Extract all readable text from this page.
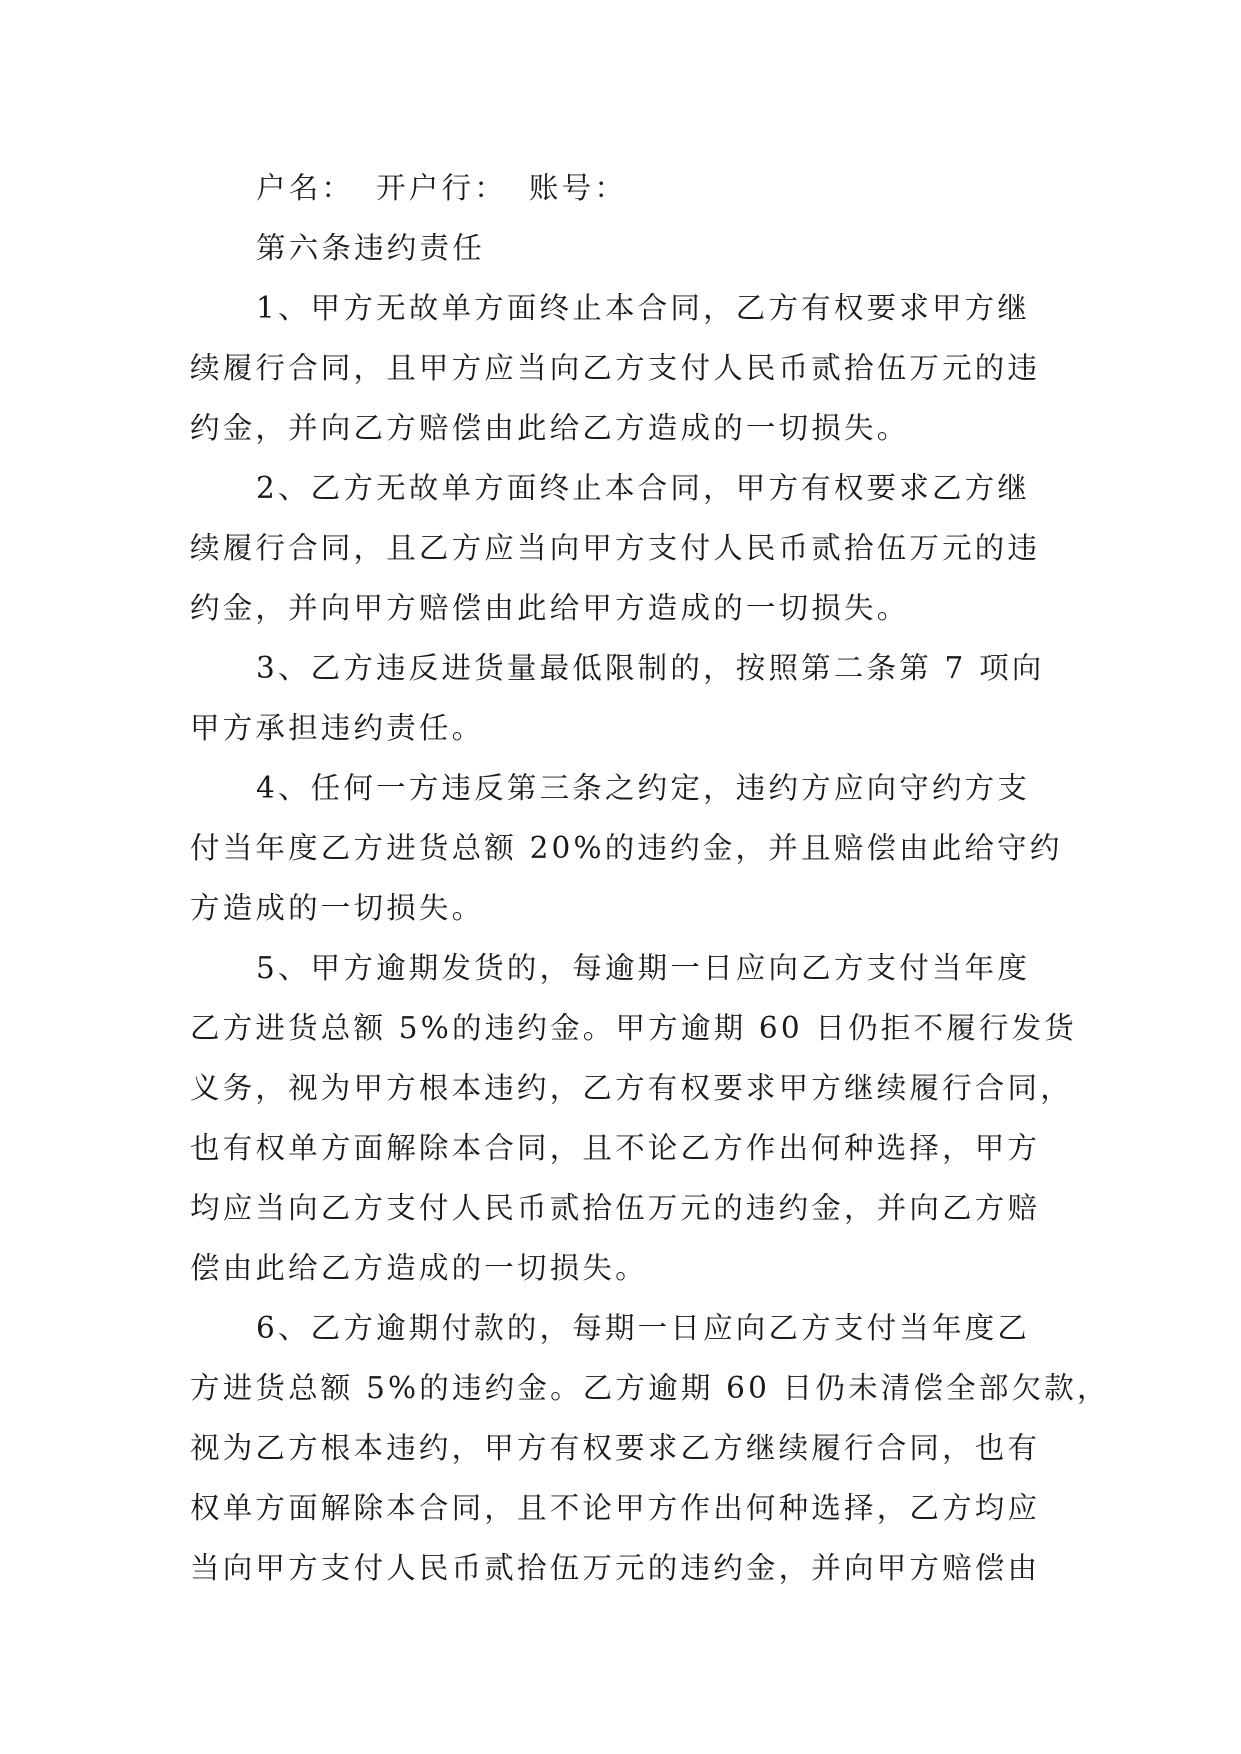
户名： 开户行： 账号：
第六条违约责任
1、甲方无故单方面终止本合同，乙方有权要求甲方继
续履行合同，且甲方应当向乙方支付人民币贰拾伍万元的违
约金，并向乙方赔偿由此给乙方造成的一切损失。
2、乙方无故单方面终止本合同，甲方有权要求乙方继
续履行合同，且乙方应当向甲方支付人民币贰拾伍万元的违
约金，并向甲方赔偿由此给甲方造成的一切损失。
3、乙方违反进货量最低限制的，按照第二条第 7 项向
甲方承担违约责任。
4、任何一方违反第三条之约定，违约方应向守约方支
付当年度乙方进货总额 20%的违约金，并且赔偿由此给守约
方造成的一切损失。
5、甲方逾期发货的，每逾期一日应向乙方支付当年度
乙方进货总额 5%的违约金。甲方逾期 60 日仍拒不履行发货
义务，视为甲方根本违约，乙方有权要求甲方继续履行合同，
也有权单方面解除本合同，且不论乙方作出何种选择，甲方
均应当向乙方支付人民币贰拾伍万元的违约金，并向乙方赔
偿由此给乙方造成的一切损失。
6、乙方逾期付款的，每期一日应向乙方支付当年度乙
方进货总额 5%的违约金。乙方逾期 60 日仍未清偿全部欠款，
视为乙方根本违约，甲方有权要求乙方继续履行合同，也有
权单方面解除本合同，且不论甲方作出何种选择，乙方均应
当向甲方支付人民币贰拾伍万元的违约金，并向甲方赔偿由
